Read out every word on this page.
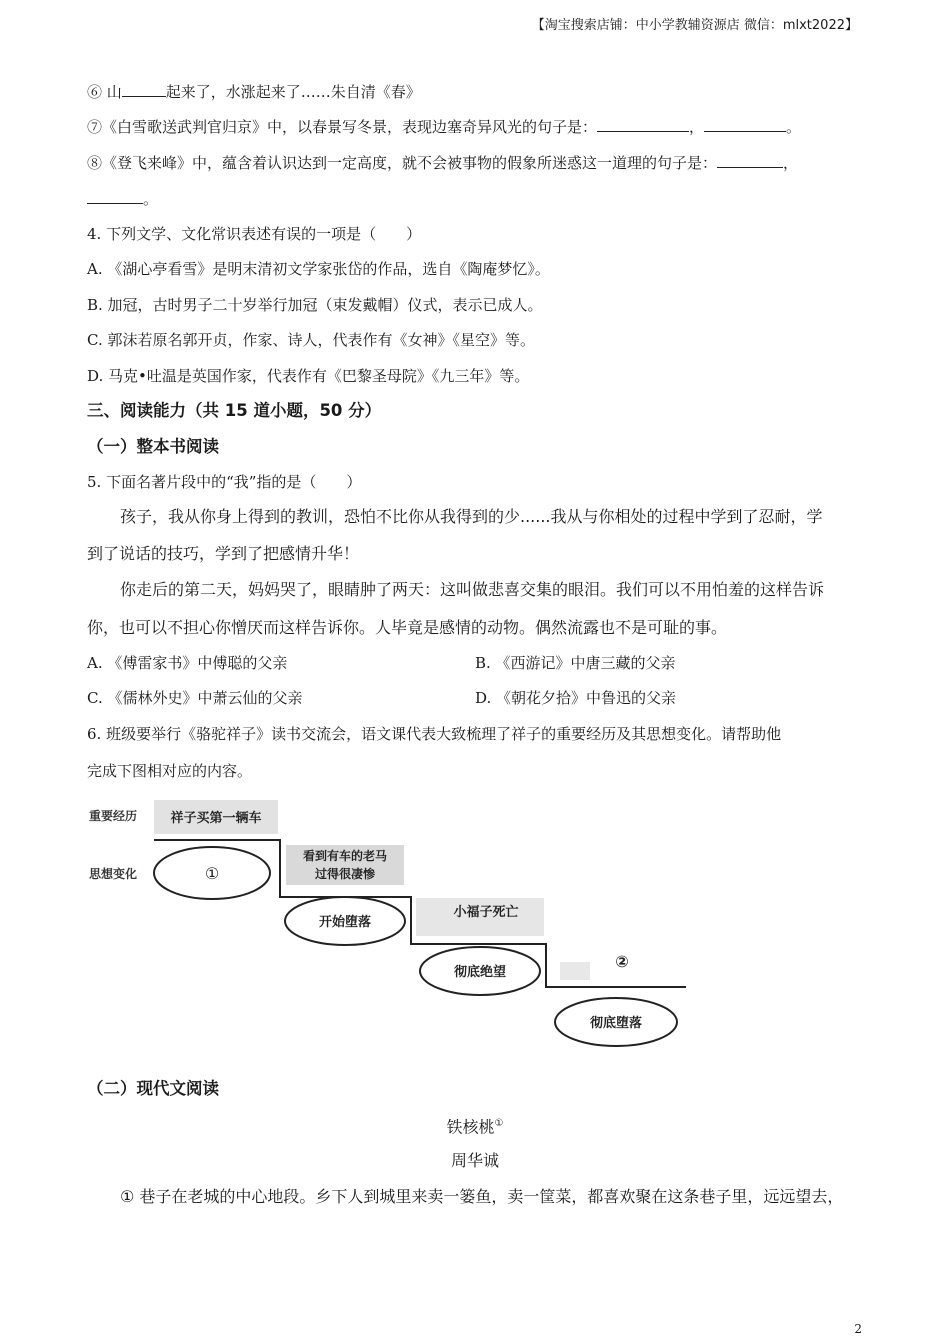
【淘宝搜索店铺：中小学教辅资源店 微信：mlxt2022】
⑥ 山	起来了，水涨起来了……朱自清《春》
⑦《白雪歌送武判官归京》中，以春景写冬景，表现边塞奇异风光的句子是：	，	。
⑧《登飞来峰》中，蕴含着认识达到一定高度，就不会被事物的假象所迷惑这一道理的句子是：	，
。
4. 下列文学、文化常识表述有误的一项是（　　）
A. 《湖心亭看雪》是明末清初文学家张岱的作品，选自《陶庵梦忆》。
B. 加冠，古时男子二十岁举行加冠（束发戴帽）仪式，表示已成人。
C. 郭沫若原名郭开贞，作家、诗人，代表作有《女神》《星空》等。
D. 马克•吐温是英国作家，代表作有《巴黎圣母院》《九三年》等。
三、阅读能力（共 15 道小题，50 分）
（一）整本书阅读
5. 下面名著片段中的“我”指的是（　　）
孩子，我从你身上得到的教训，恐怕不比你从我得到的少......我从与你相处的过程中学到了忍耐，学
到了说话的技巧，学到了把感情升华！
你走后的第二天，妈妈哭了，眼睛肿了两天：这叫做悲喜交集的眼泪。我们可以不用怕羞的这样告诉
你，也可以不担心你憎厌而这样告诉你。人毕竟是感情的动物。偶然流露也不是可耻的事。
A. 《傅雷家书》中傅聪的父亲	B. 《西游记》中唐三藏的父亲
C. 《儒林外史》中萧云仙的父亲	D. 《朝花夕拾》中鲁迅的父亲
6. 班级要举行《骆驼祥子》读书交流会，语文课代表大致梳理了祥子的重要经历及其思想变化。请帮助他
完成下图相对应的内容。
重要经历
思想变化
祥子买第一辆车
看到有车的老马
过得很凄惨
小福子死亡
②
①
开始堕落
彻底绝望
彻底堕落
（二）现代文阅读
铁核桃①
周华诚
① 巷子在老城的中心地段。乡下人到城里来卖一篓鱼，卖一筐菜，都喜欢聚在这条巷子里，远远望去，
2
